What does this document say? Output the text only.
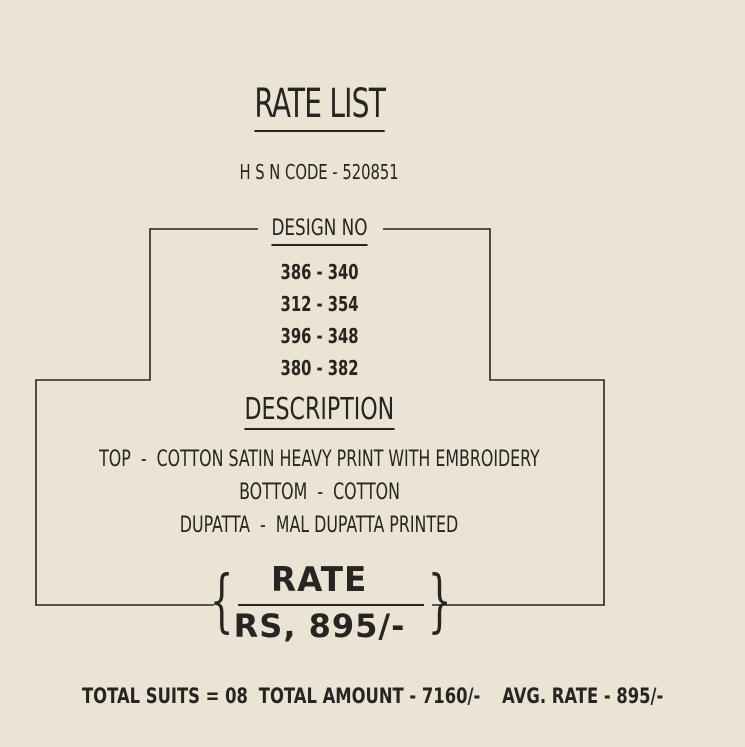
RATE LIST
H S N CODE - 520851
DESIGN NO
386 - 340
312 - 354
396 - 348
380 - 382
DESCRIPTION
TOP  -  COTTON SATIN HEAVY PRINT WITH EMBROIDERY
BOTTOM  -  COTTON
DUPATTA  -  MAL DUPATTA PRINTED
{	}
RATE
RS, 895/-
TOTAL SUITS = 08 TOTAL AMOUNT - 7160/- AVG. RATE - 895/-
